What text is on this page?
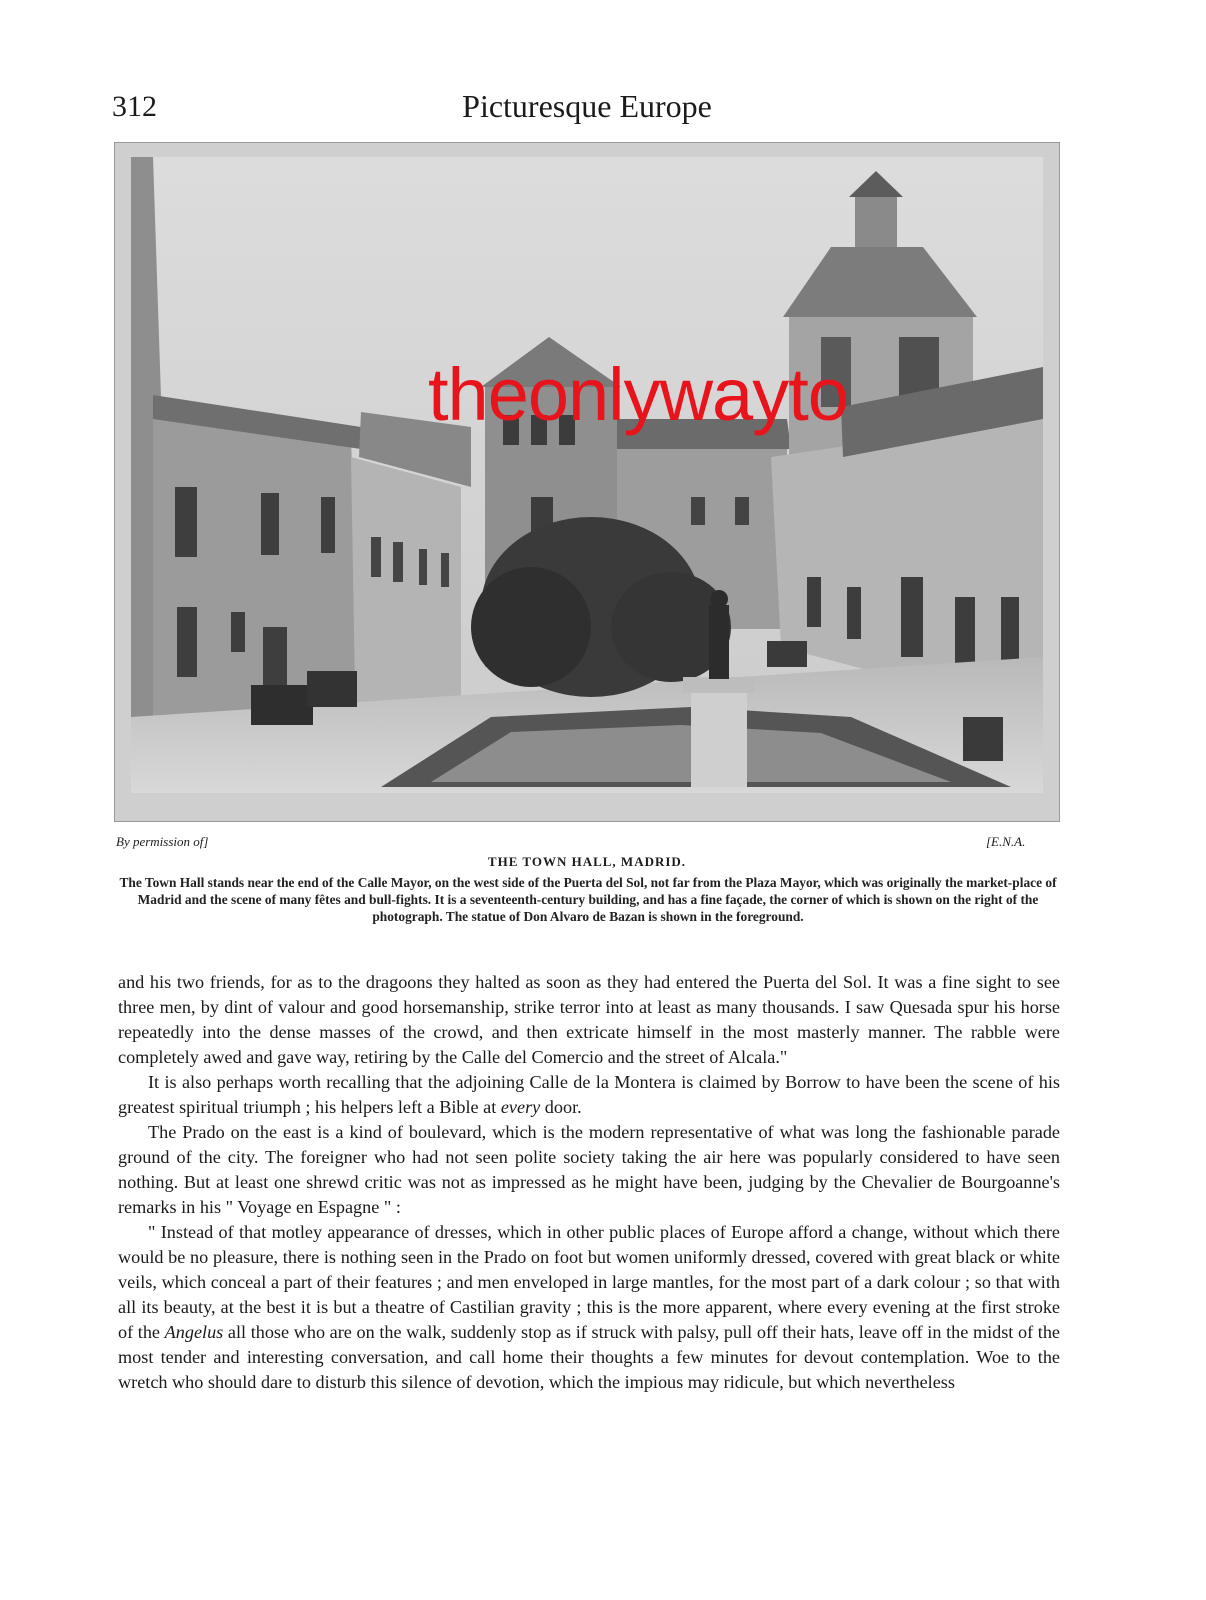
312	Picturesque Europe
theonlywayto
By permission of]	[E.N.A.
THE TOWN HALL, MADRID.
The Town Hall stands near the end of the Calle Mayor, on the west side of the Puerta del Sol, not far from the Plaza Mayor, which was originally the market-place of Madrid and the scene of many fêtes and bull-fights. It is a seventeenth-century building, and has a fine façade, the corner of which is shown on the right of the photograph. The statue of Don Alvaro de Bazan is shown in the foreground.

and his two friends, for as to the dragoons they halted as soon as they had entered the Puerta del Sol. It was a fine sight to see three men, by dint of valour and good horsemanship, strike terror into at least as many thousands. I saw Quesada spur his horse repeatedly into the dense masses of the crowd, and then extricate himself in the most masterly manner. The rabble were completely awed and gave way, retiring by the Calle del Comercio and the street of Alcala."

It is also perhaps worth recalling that the adjoining Calle de la Montera is claimed by Borrow to have been the scene of his greatest spiritual triumph ; his helpers left a Bible at every door.

The Prado on the east is a kind of boulevard, which is the modern representative of what was long the fashionable parade ground of the city. The foreigner who had not seen polite society taking the air here was popularly considered to have seen nothing. But at least one shrewd critic was not as impressed as he might have been, judging by the Chevalier de Bourgoanne's remarks in his " Voyage en Espagne " :

" Instead of that motley appearance of dresses, which in other public places of Europe afford a change, without which there would be no pleasure, there is nothing seen in the Prado on foot but women uniformly dressed, covered with great black or white veils, which conceal a part of their features ; and men enveloped in large mantles, for the most part of a dark colour ; so that with all its beauty, at the best it is but a theatre of Castilian gravity ; this is the more apparent, where every evening at the first stroke of the Angelus all those who are on the walk, suddenly stop as if struck with palsy, pull off their hats, leave off in the midst of the most tender and interesting conversation, and call home their thoughts a few minutes for devout contemplation. Woe to the wretch who should dare to disturb this silence of devotion, which the impious may ridicule, but which nevertheless
